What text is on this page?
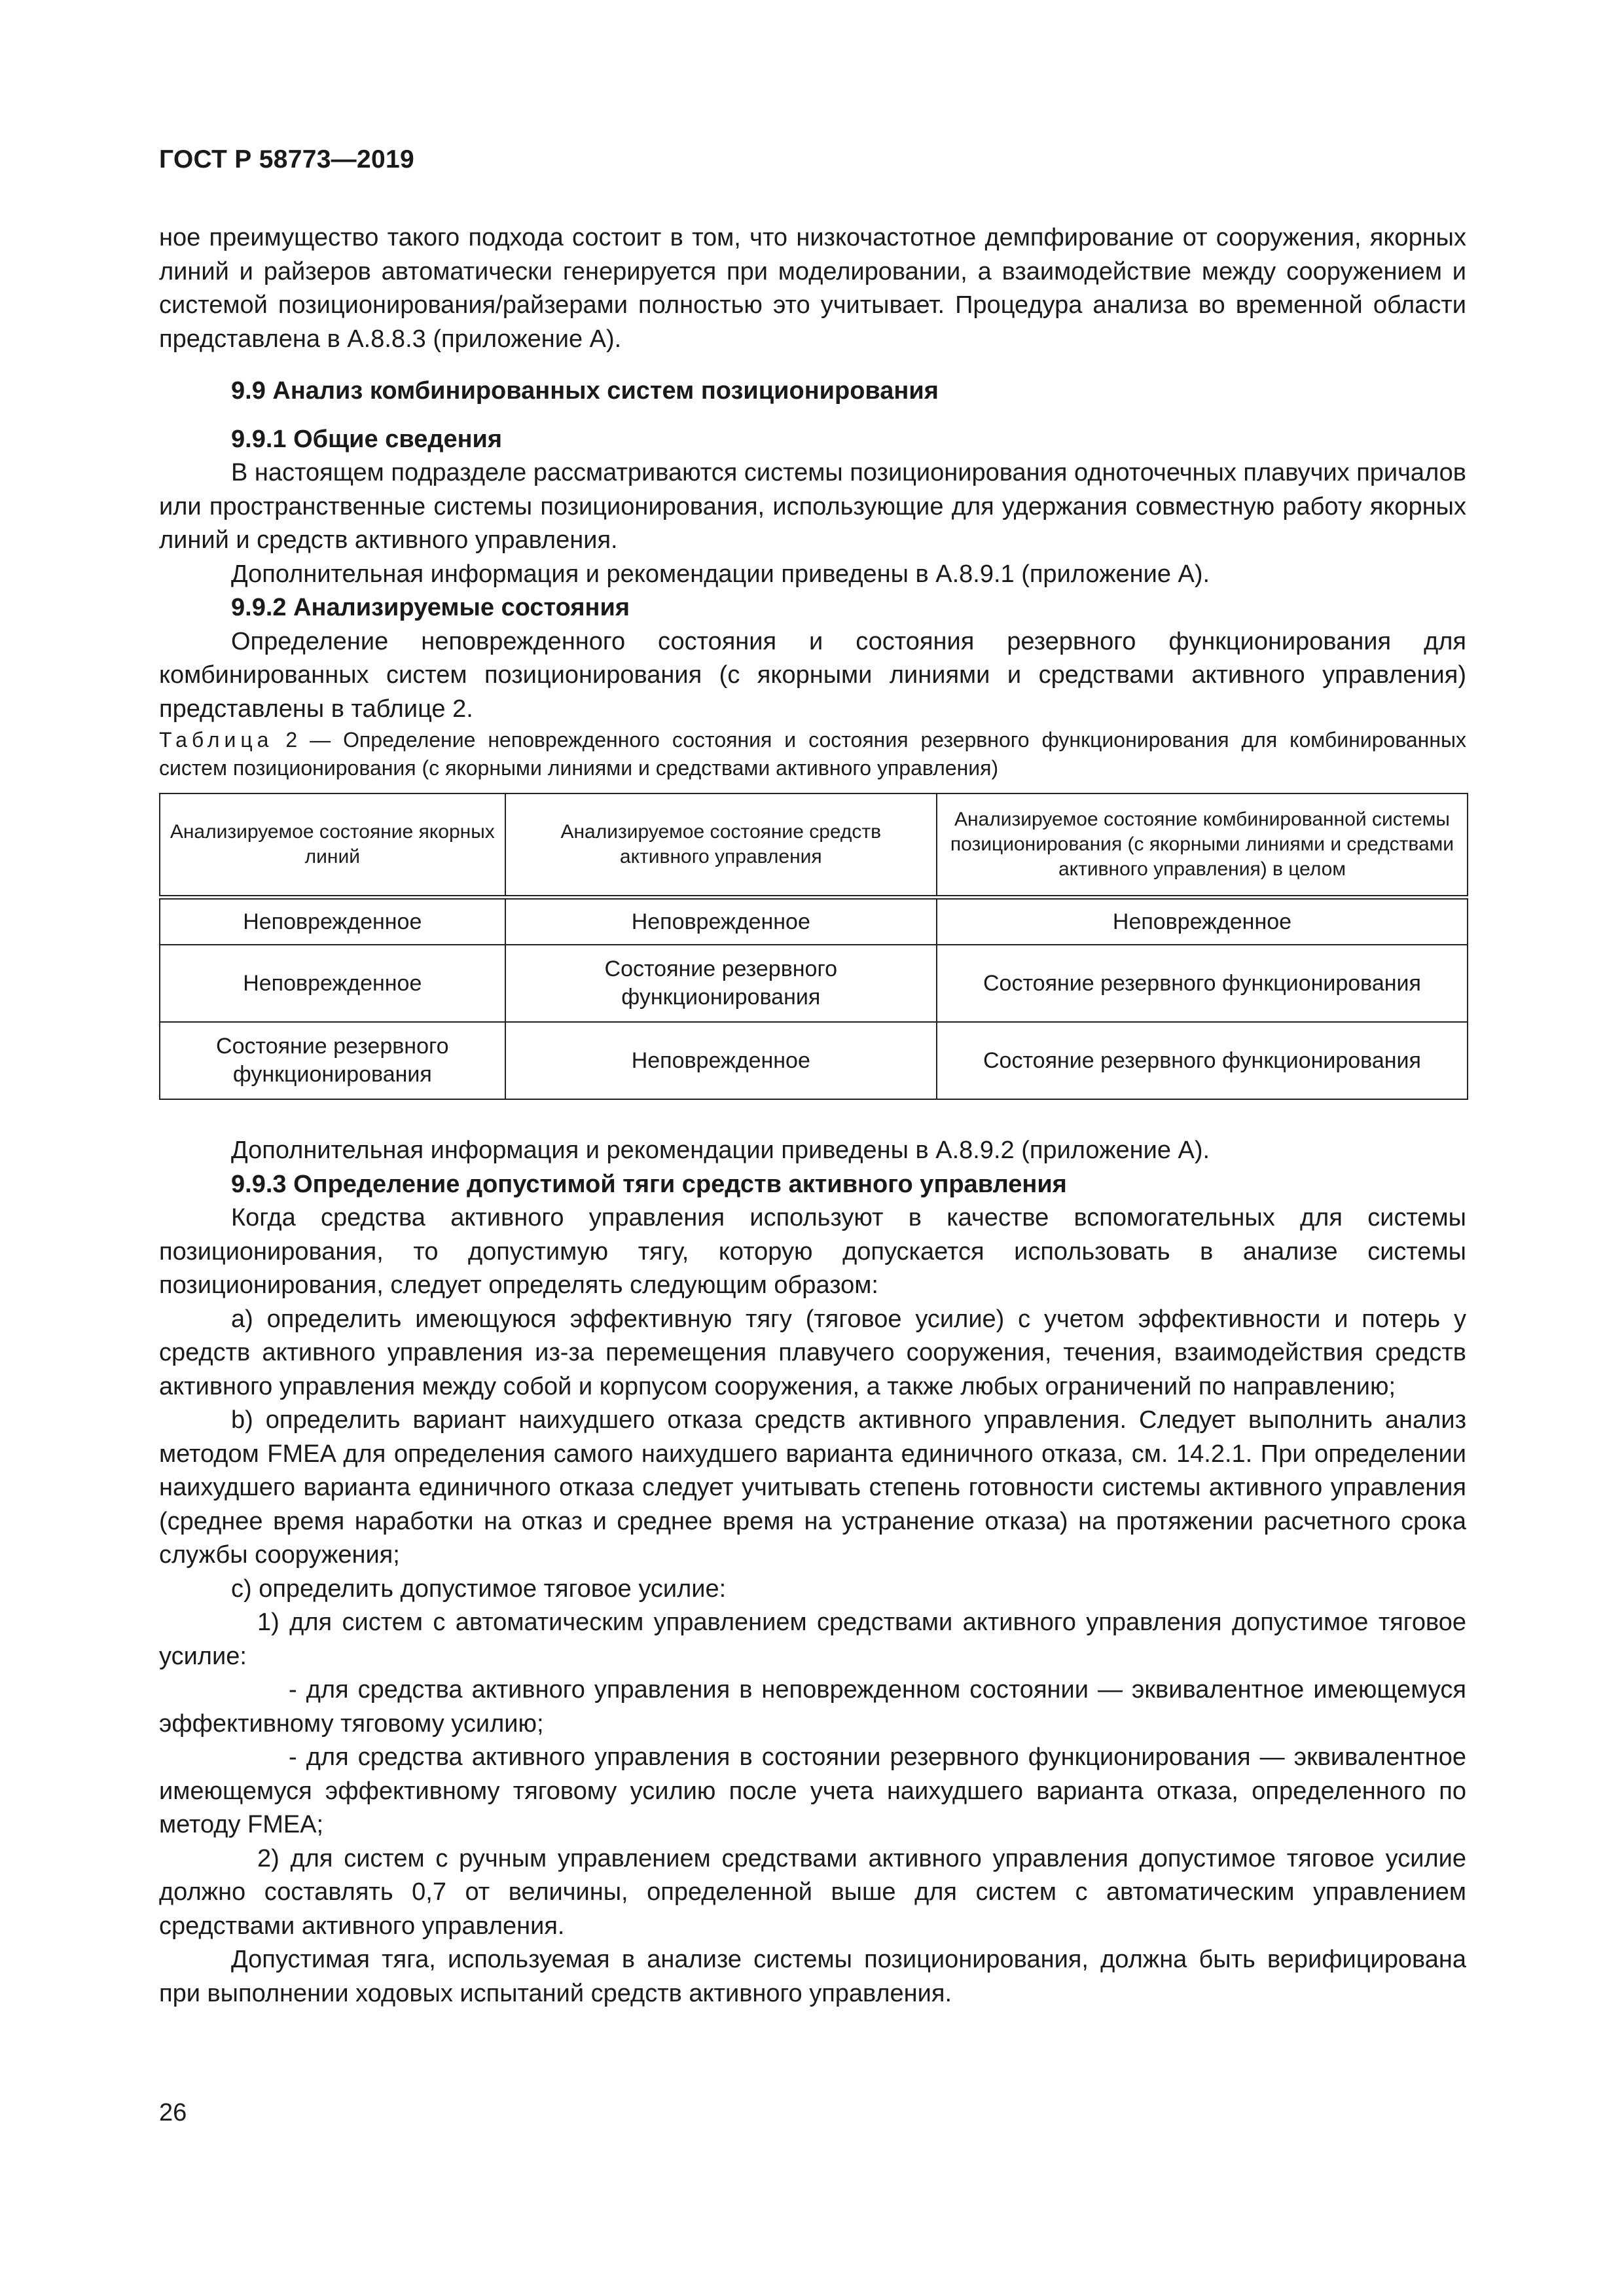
ГОСТ Р 58773—2019

ное преимущество такого подхода состоит в том, что низкочастотное демпфирование от сооружения, якорных линий и райзеров автоматически генерируется при моделировании, а взаимодействие между сооружением и системой позиционирования/райзерами полностью это учитывает. Процедура анализа во временной области представлена в А.8.8.3 (приложение А).

9.9 Анализ комбинированных систем позиционирования

9.9.1 Общие сведения

В настоящем подразделе рассматриваются системы позиционирования одноточечных плавучих причалов или пространственные системы позиционирования, использующие для удержания совместную работу якорных линий и средств активного управления.

Дополнительная информация и рекомендации приведены в А.8.9.1 (приложение А).

9.9.2 Анализируемые состояния

Определение неповрежденного состояния и состояния резервного функционирования для комбинированных систем позиционирования (с якорными линиями и средствами активного управления) представлены в таблице 2.

Таблица 2 — Определение неповрежденного состояния и состояния резервного функционирования для комбинированных систем позиционирования (с якорными линиями и средствами активного управления)

Анализируемое состояние якорных линий	Анализируемое состояние средств активного управления	Анализируемое состояние комбинированной системы позиционирования (с якорными линиями и средствами активного управления) в целом
Неповрежденное	Неповрежденное	Неповрежденное
Неповрежденное	Состояние резервного функционирования	Состояние резервного функционирования
Состояние резервного функционирования	Неповрежденное	Состояние резервного функционирования

Дополнительная информация и рекомендации приведены в А.8.9.2 (приложение А).

9.9.3 Определение допустимой тяги средств активного управления

Когда средства активного управления используют в качестве вспомогательных для системы позиционирования, то допустимую тягу, которую допускается использовать в анализе системы позиционирования, следует определять следующим образом:

а) определить имеющуюся эффективную тягу (тяговое усилие) с учетом эффективности и потерь у средств активного управления из-за перемещения плавучего сооружения, течения, взаимодействия средств активного управления между собой и корпусом сооружения, а также любых ограничений по направлению;

b) определить вариант наихудшего отказа средств активного управления. Следует выполнить анализ методом FMEA для определения самого наихудшего варианта единичного отказа, см. 14.2.1. При определении наихудшего варианта единичного отказа следует учитывать степень готовности системы активного управления (среднее время наработки на отказ и среднее время на устранение отказа) на протяжении расчетного срока службы сооружения;

с) определить допустимое тяговое усилие:

1) для систем с автоматическим управлением средствами активного управления допустимое тяговое усилие:

- для средства активного управления в неповрежденном состоянии — эквивалентное имеющемуся эффективному тяговому усилию;

- для средства активного управления в состоянии резервного функционирования — эквивалентное имеющемуся эффективному тяговому усилию после учета наихудшего варианта отказа, определенного по методу FMEA;

2) для систем с ручным управлением средствами активного управления допустимое тяговое усилие должно составлять 0,7 от величины, определенной выше для систем с автоматическим управлением средствами активного управления.

Допустимая тяга, используемая в анализе системы позиционирования, должна быть верифицирована при выполнении ходовых испытаний средств активного управления.

26
